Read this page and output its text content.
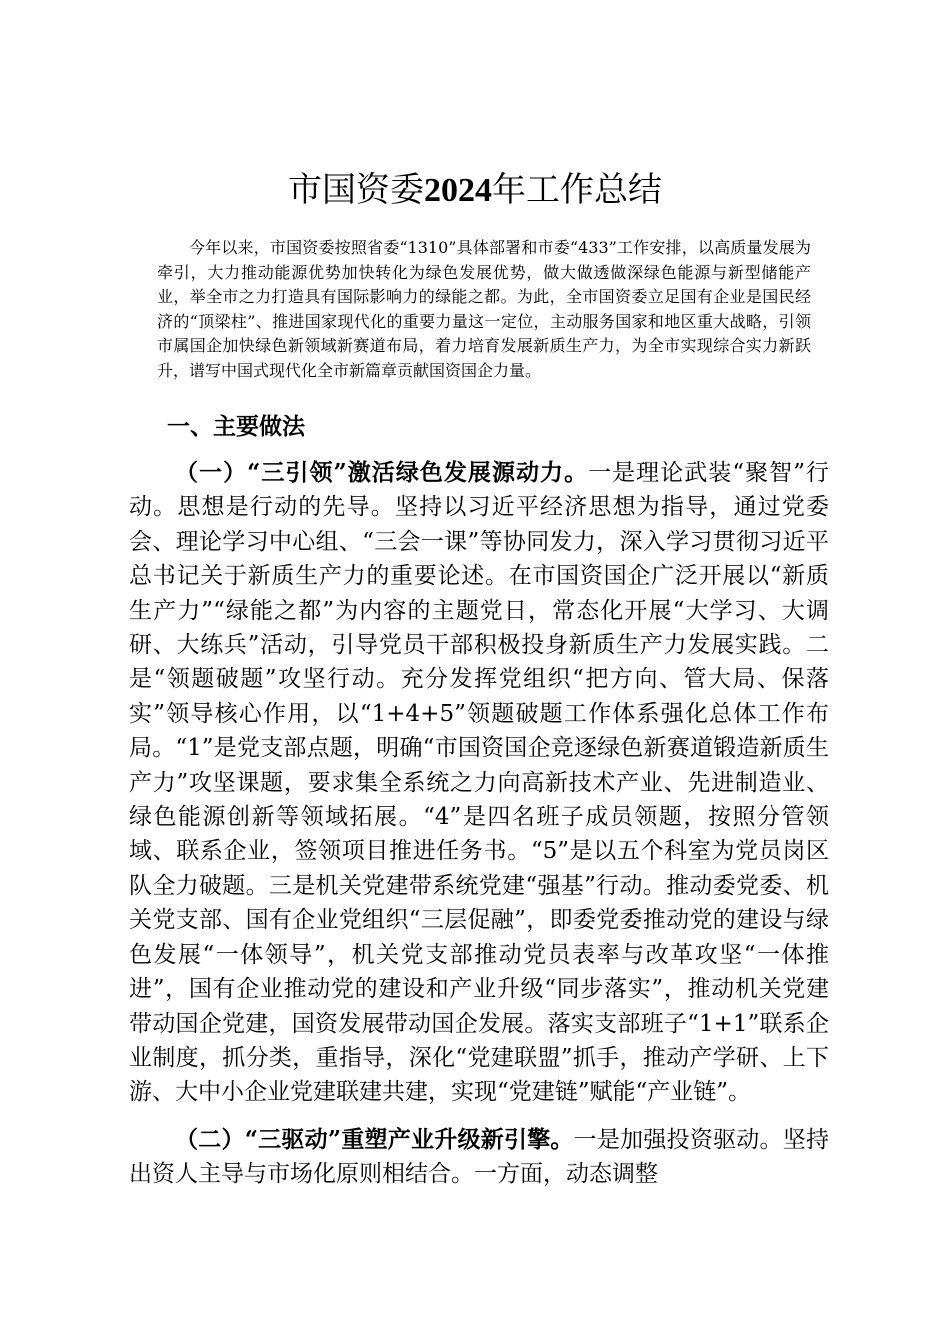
市国资委2024年工作总结

今年以来，市国资委按照省委“1310”具体部署和市委“433”工作安排，以高质量发展为牵引，大力推动能源优势加快转化为绿色发展优势，做大做透做深绿色能源与新型储能产业，举全市之力打造具有国际影响力的绿能之都。为此，全市国资委立足国有企业是国民经济的“顶梁柱”、推进国家现代化的重要力量这一定位，主动服务国家和地区重大战略，引领市属国企加快绿色新领域新赛道布局，着力培育发展新质生产力，为全市实现综合实力新跃升，谱写中国式现代化全市新篇章贡献国资国企力量。

一、主要做法

（一）“三引领”激活绿色发展源动力。一是理论武装“聚智”行动。思想是行动的先导。坚持以习近平经济思想为指导，通过党委会、理论学习中心组、“三会一课”等协同发力，深入学习贯彻习近平总书记关于新质生产力的重要论述。在市国资国企广泛开展以“新质生产力”“绿能之都”为内容的主题党日，常态化开展“大学习、大调研、大练兵”活动，引导党员干部积极投身新质生产力发展实践。二是“领题破题”攻坚行动。充分发挥党组织“把方向、管大局、保落实”领导核心作用，以“1+4+5”领题破题工作体系强化总体工作布局。“1”是党支部点题，明确“市国资国企竞逐绿色新赛道锻造新质生产力”攻坚课题，要求集全系统之力向高新技术产业、先进制造业、绿色能源创新等领域拓展。“4”是四名班子成员领题，按照分管领域、联系企业，签领项目推进任务书。“5”是以五个科室为党员岗区队全力破题。三是机关党建带系统党建“强基”行动。推动委党委、机关党支部、国有企业党组织“三层促融”，即委党委推动党的建设与绿色发展“一体领导”，机关党支部推动党员表率与改革攻坚“一体推进”，国有企业推动党的建设和产业升级“同步落实”，推动机关党建带动国企党建，国资发展带动国企发展。落实支部班子“1+1”联系企业制度，抓分类，重指导，深化“党建联盟”抓手，推动产学研、上下游、大中小企业党建联建共建，实现“党建链”赋能“产业链”。

（二）“三驱动”重塑产业升级新引擎。一是加强投资驱动。坚持出资人主导与市场化原则相结合。一方面，动态调整
